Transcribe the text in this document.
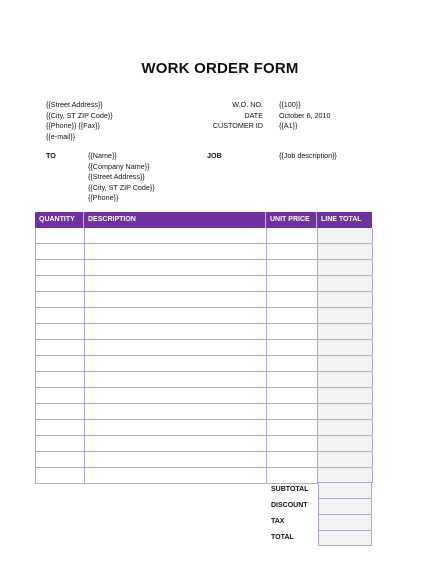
WORK ORDER FORM
{{Street Address}}
{{City, ST ZIP Code}}
{{Phone}} {{Fax}}
{{e-mail}}
W.O. NO. {{100}}
DATE October 6, 2010
CUSTOMER ID {{A1}}
TO	{{Name}}
{{Company Name}}
{{Street Address}}
{{City, ST ZIP Code}}
{{Phone}}
JOB	{{Job description}}
QUANTITY	DESCRIPTION	UNIT PRICE	LINE TOTAL
SUBTOTAL
DISCOUNT
TAX
TOTAL
